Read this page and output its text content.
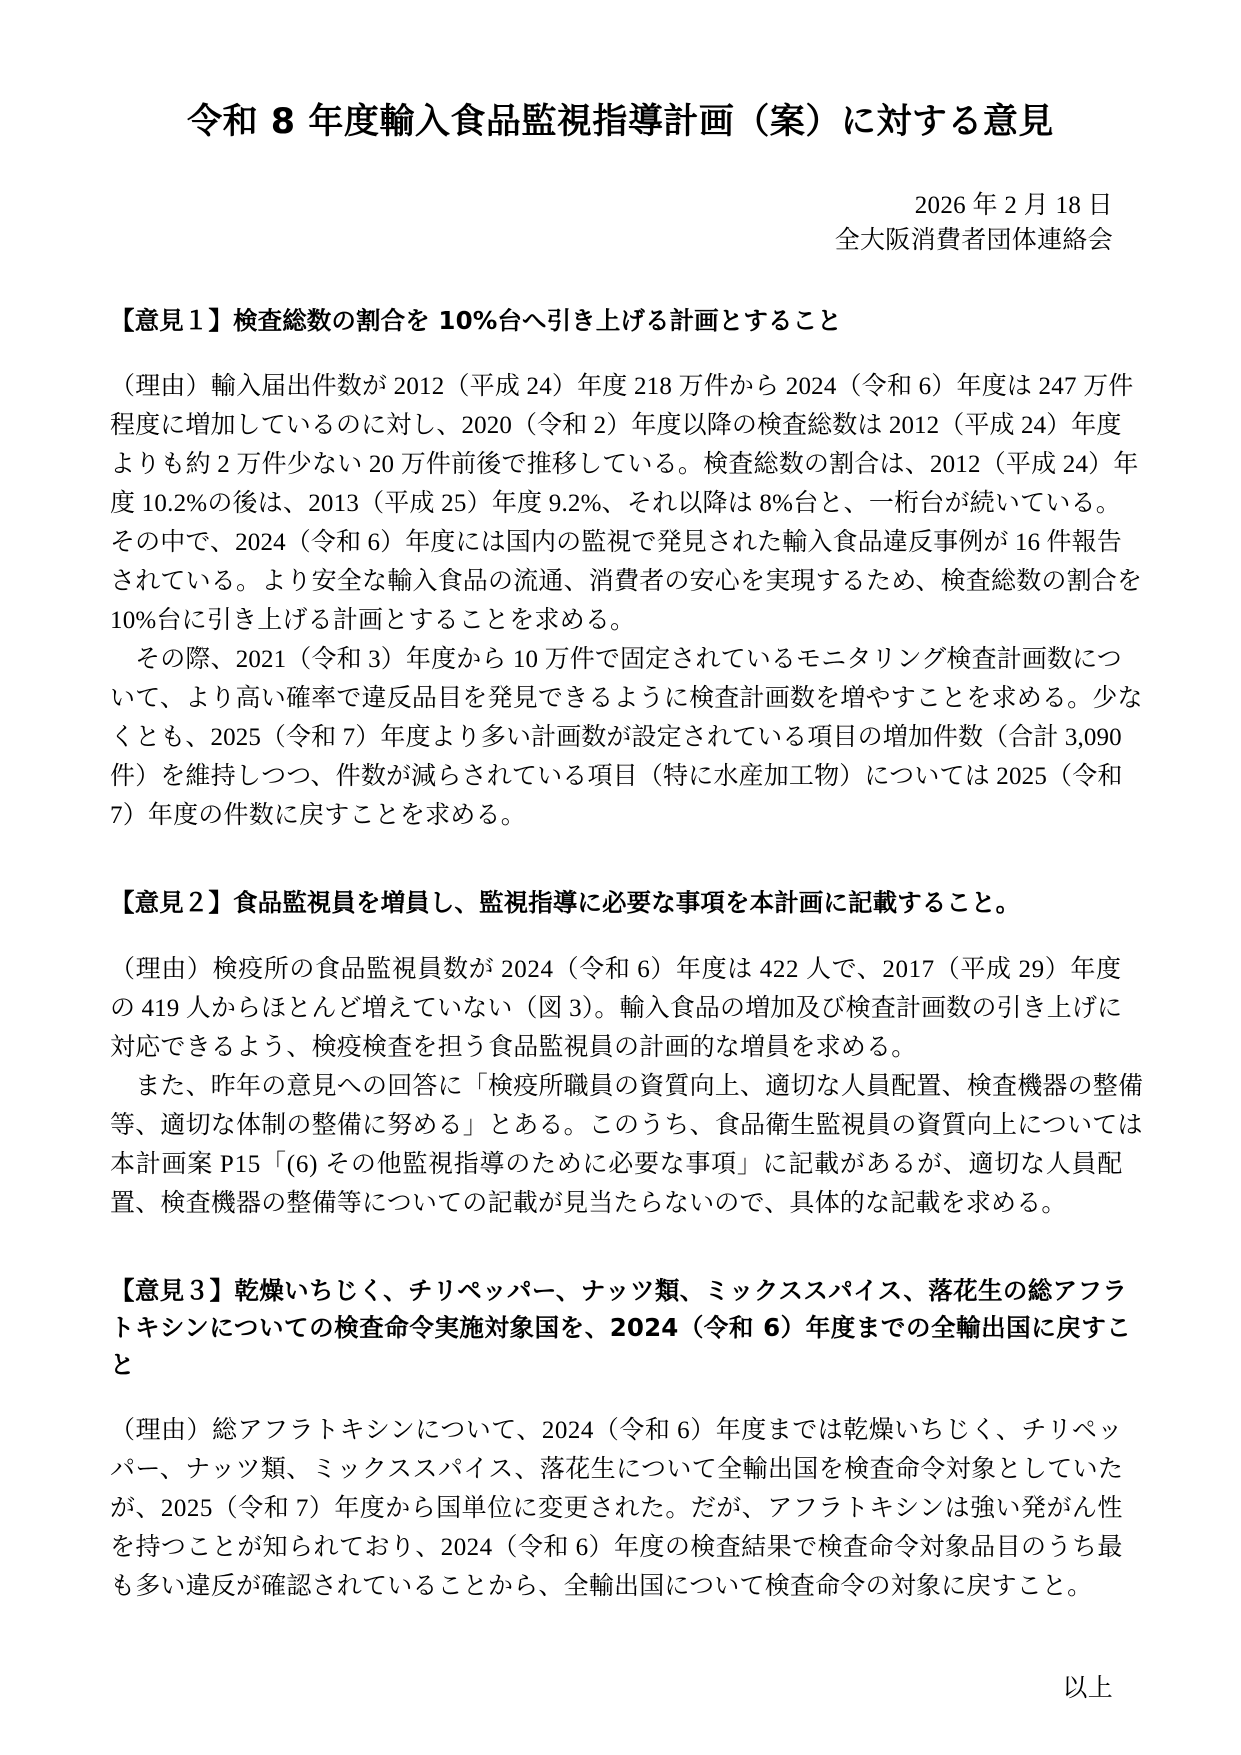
令和 8 年度輸入食品監視指導計画（案）に対する意見
2026 年 2 月 18 日
全大阪消費者団体連絡会
【意見１】検査総数の割合を 10%台へ引き上げる計画とすること
（理由）輸入届出件数が 2012（平成 24）年度 218 万件から 2024（令和 6）年度は 247 万件
程度に増加しているのに対し、2020（令和 2）年度以降の検査総数は 2012（平成 24）年度
よりも約 2 万件少ない 20 万件前後で推移している。検査総数の割合は、2012（平成 24）年
度 10.2%の後は、2013（平成 25）年度 9.2%、それ以降は 8%台と、一桁台が続いている。
その中で、2024（令和 6）年度には国内の監視で発見された輸入食品違反事例が 16 件報告
されている。より安全な輸入食品の流通、消費者の安心を実現するため、検査総数の割合を
10%台に引き上げる計画とすることを求める。
　その際、2021（令和 3）年度から 10 万件で固定されているモニタリング検査計画数につ
いて、より高い確率で違反品目を発見できるように検査計画数を増やすことを求める。少な
くとも、2025（令和 7）年度より多い計画数が設定されている項目の増加件数（合計 3,090
件）を維持しつつ、件数が減らされている項目（特に水産加工物）については 2025（令和
7）年度の件数に戻すことを求める。
【意見２】食品監視員を増員し、監視指導に必要な事項を本計画に記載すること。
（理由）検疫所の食品監視員数が 2024（令和 6）年度は 422 人で、2017（平成 29）年度
の 419 人からほとんど増えていない（図 3）。輸入食品の増加及び検査計画数の引き上げに
対応できるよう、検疫検査を担う食品監視員の計画的な増員を求める。
　また、昨年の意見への回答に「検疫所職員の資質向上、適切な人員配置、検査機器の整備
等、適切な体制の整備に努める」とある。このうち、食品衛生監視員の資質向上については
本計画案 P15「(6) その他監視指導のために必要な事項」に記載があるが、適切な人員配
置、検査機器の整備等についての記載が見当たらないので、具体的な記載を求める。
【意見３】乾燥いちじく、チリペッパー、ナッツ類、ミックススパイス、落花生の総アフラ
トキシンについての検査命令実施対象国を、2024（令和 6）年度までの全輸出国に戻すこと
（理由）総アフラトキシンについて、2024（令和 6）年度までは乾燥いちじく、チリペッ
パー、ナッツ類、ミックススパイス、落花生について全輸出国を検査命令対象としていた
が、2025（令和 7）年度から国単位に変更された。だが、アフラトキシンは強い発がん性
を持つことが知られており、2024（令和 6）年度の検査結果で検査命令対象品目のうち最
も多い違反が確認されていることから、全輸出国について検査命令の対象に戻すこと。
以上
